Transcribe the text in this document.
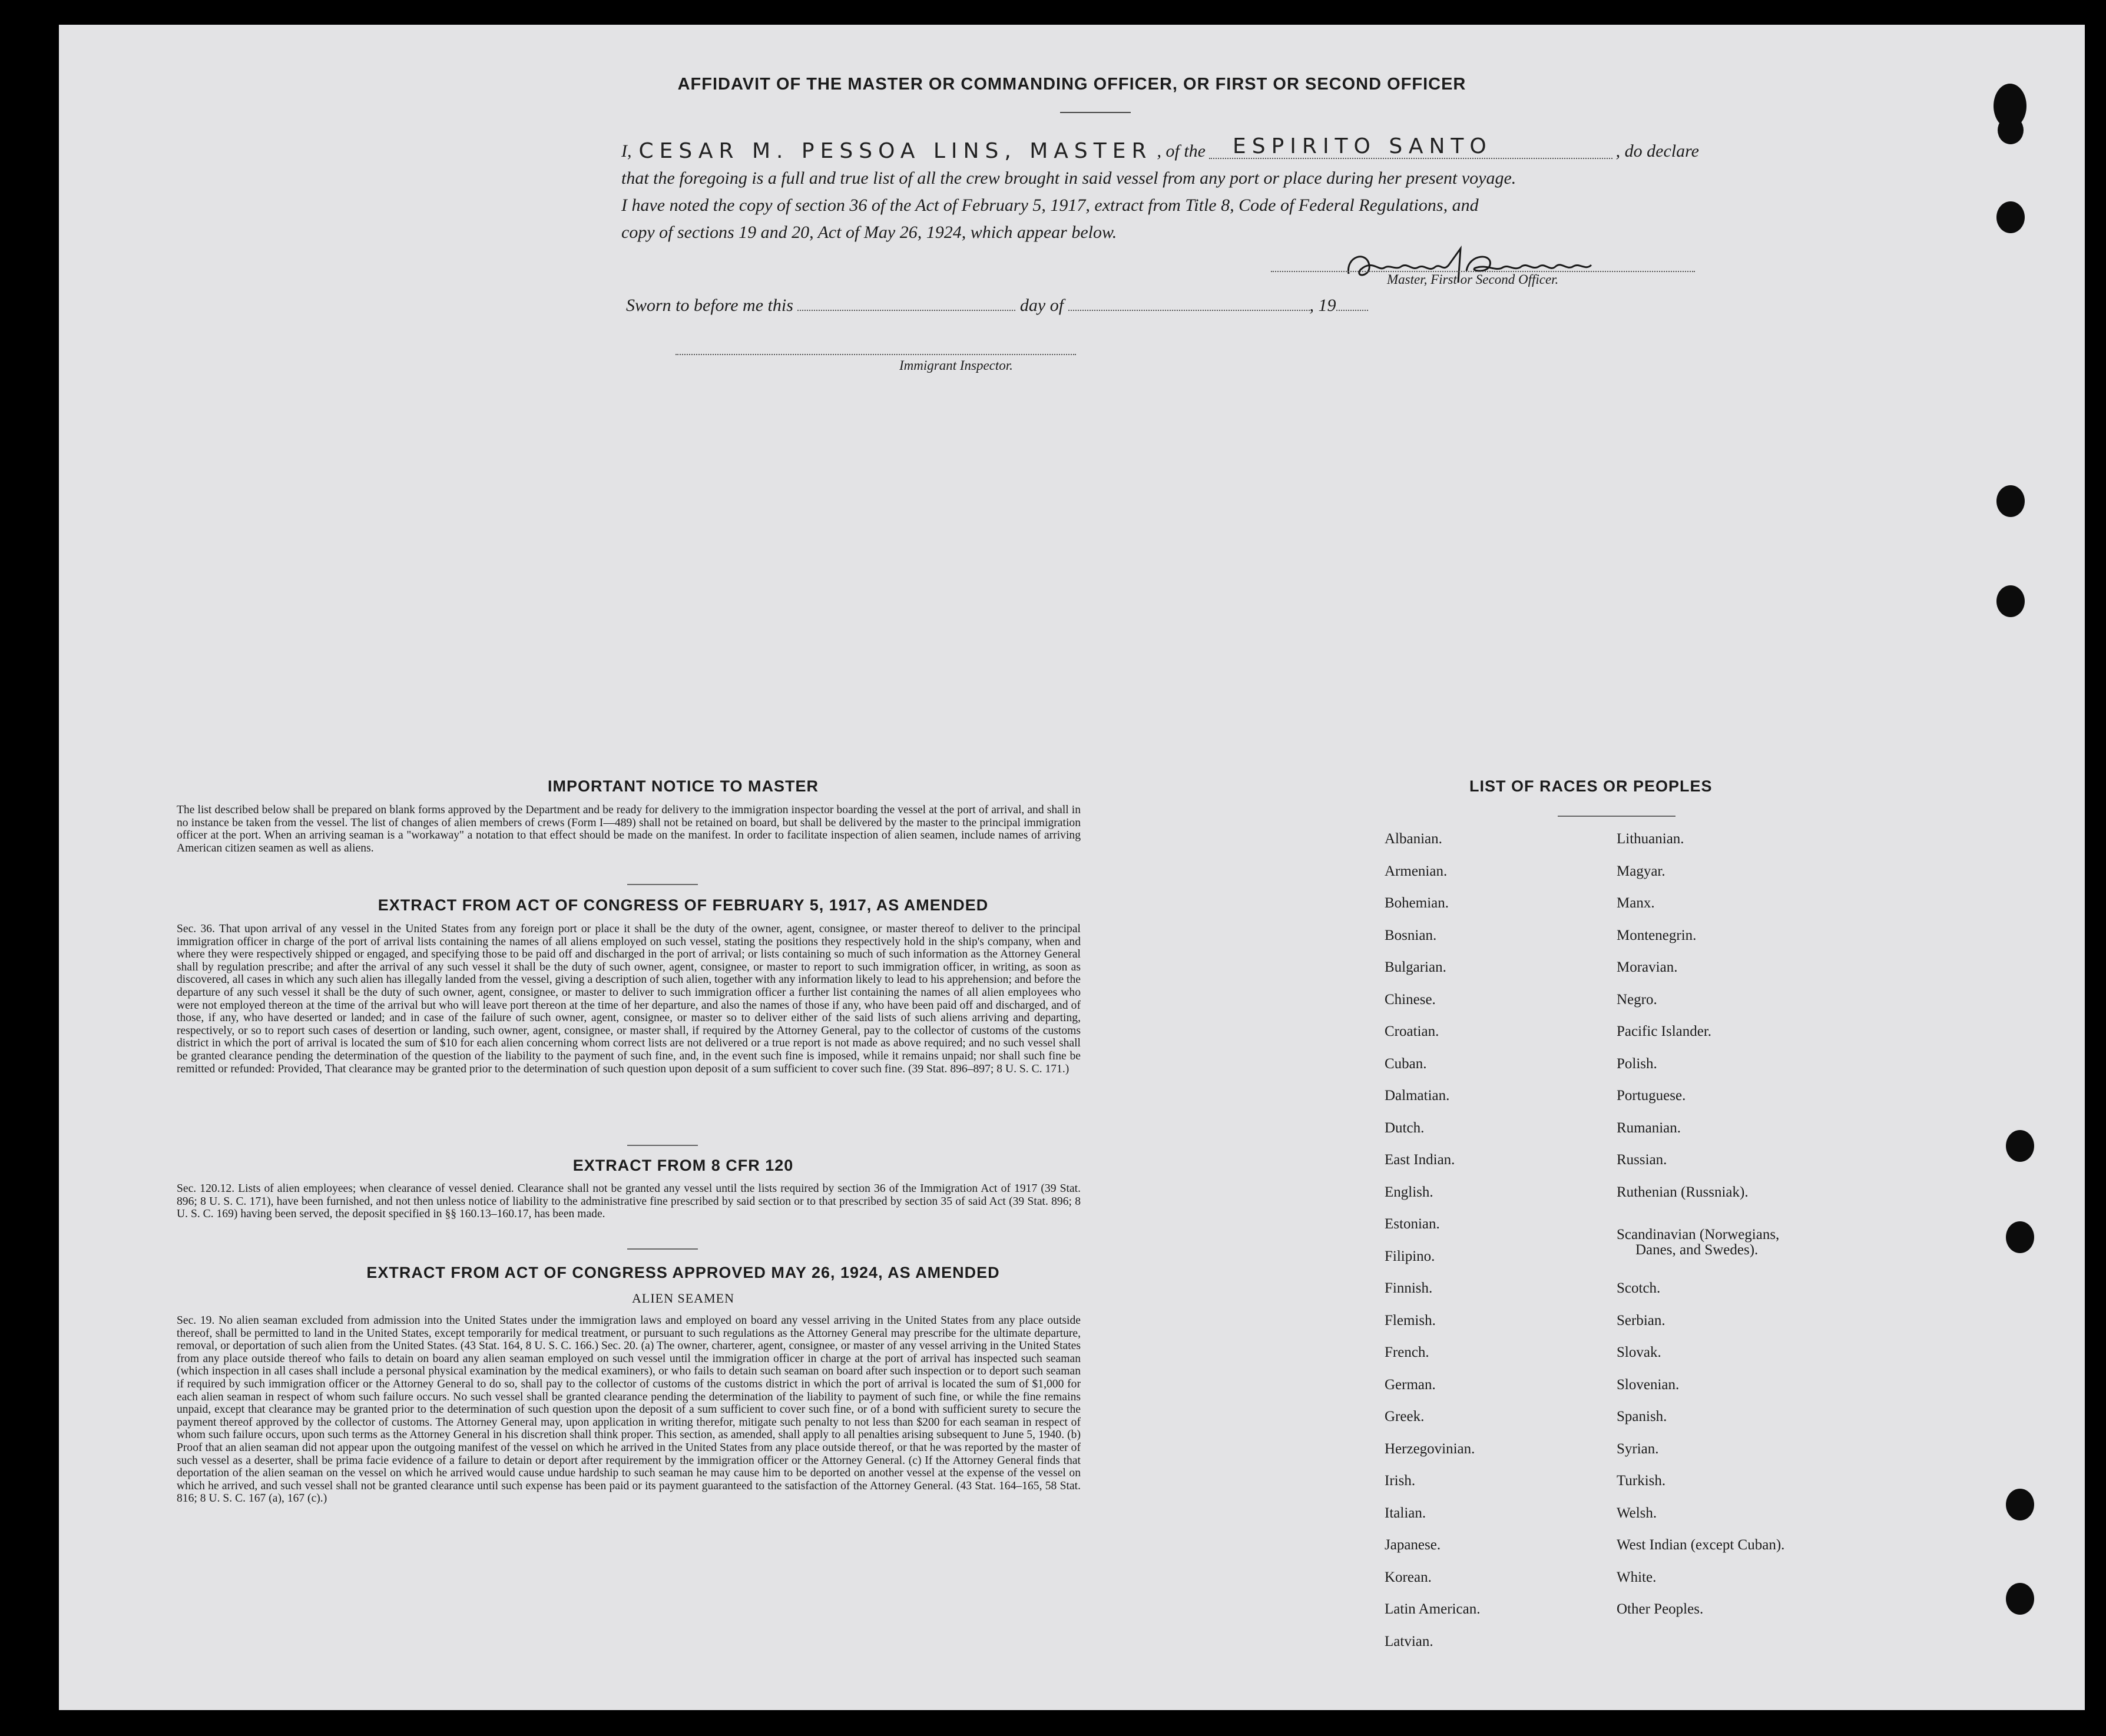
AFFIDAVIT OF THE MASTER OR COMMANDING OFFICER, OR FIRST OR SECOND OFFICER
I, CESAR M. PESSOA LINS, MASTER , of the ESPIRITO SANTO	, do declare
that the foregoing is a full and true list of all the crew brought in said vessel from any port or place during her present voyage.
I have noted the copy of section 36 of the Act of February 5, 1917, extract from Title 8, Code of Federal Regulations, and
copy of sections 19 and 20, Act of May 26, 1924, which appear below.
Master, First or Second Officer.
Sworn to before me this	day of	, 19
Immigrant Inspector.
IMPORTANT NOTICE TO MASTER
The list described below shall be prepared on blank forms approved by the Department and be ready for delivery to the immigration inspector boarding the vessel at the port of arrival, and shall in no instance be taken from the vessel. The list of changes of alien members of crews (Form I—489) shall not be retained on board, but shall be delivered by the master to the principal immigration officer at the port. When an arriving seaman is a "workaway" a notation to that effect should be made on the manifest. In order to facilitate inspection of alien seamen, include names of arriving American citizen seamen as well as aliens.
EXTRACT FROM ACT OF CONGRESS OF FEBRUARY 5, 1917, AS AMENDED
Sec. 36. That upon arrival of any vessel in the United States from any foreign port or place it shall be the duty of the owner, agent, consignee, or master thereof to deliver to the principal immigration officer in charge of the port of arrival lists containing the names of all aliens employed on such vessel, stating the positions they respectively hold in the ship's company, when and where they were respectively shipped or engaged, and specifying those to be paid off and discharged in the port of arrival; or lists containing so much of such information as the Attorney General shall by regulation prescribe; and after the arrival of any such vessel it shall be the duty of such owner, agent, consignee, or master to report to such immigration officer, in writing, as soon as discovered, all cases in which any such alien has illegally landed from the vessel, giving a description of such alien, together with any information likely to lead to his apprehension; and before the departure of any such vessel it shall be the duty of such owner, agent, consignee, or master to deliver to such immigration officer a further list containing the names of all alien employees who were not employed thereon at the time of the arrival but who will leave port thereon at the time of her departure, and also the names of those if any, who have been paid off and discharged, and of those, if any, who have deserted or landed; and in case of the failure of such owner, agent, consignee, or master so to deliver either of the said lists of such aliens arriving and departing, respectively, or so to report such cases of desertion or landing, such owner, agent, consignee, or master shall, if required by the Attorney General, pay to the collector of customs of the customs district in which the port of arrival is located the sum of $10 for each alien concerning whom correct lists are not delivered or a true report is not made as above required; and no such vessel shall be granted clearance pending the determination of the question of the liability to the payment of such fine, and, in the event such fine is imposed, while it remains unpaid; nor shall such fine be remitted or refunded: Provided, That clearance may be granted prior to the determination of such question upon deposit of a sum sufficient to cover such fine. (39 Stat. 896–897; 8 U. S. C. 171.)
EXTRACT FROM 8 CFR 120
Sec. 120.12. Lists of alien employees; when clearance of vessel denied. Clearance shall not be granted any vessel until the lists required by section 36 of the Immigration Act of 1917 (39 Stat. 896; 8 U. S. C. 171), have been furnished, and not then unless notice of liability to the administrative fine prescribed by said section or to that prescribed by section 35 of said Act (39 Stat. 896; 8 U. S. C. 169) having been served, the deposit specified in §§ 160.13–160.17, has been made.
EXTRACT FROM ACT OF CONGRESS APPROVED MAY 26, 1924, AS AMENDED
ALIEN SEAMEN
Sec. 19. No alien seaman excluded from admission into the United States under the immigration laws and employed on board any vessel arriving in the United States from any place outside thereof, shall be permitted to land in the United States, except temporarily for medical treatment, or pursuant to such regulations as the Attorney General may prescribe for the ultimate departure, removal, or deportation of such alien from the United States. (43 Stat. 164, 8 U. S. C. 166.) Sec. 20. (a) The owner, charterer, agent, consignee, or master of any vessel arriving in the United States from any place outside thereof who fails to detain on board any alien seaman employed on such vessel until the immigration officer in charge at the port of arrival has inspected such seaman (which inspection in all cases shall include a personal physical examination by the medical examiners), or who fails to detain such seaman on board after such inspection or to deport such seaman if required by such immigration officer or the Attorney General to do so, shall pay to the collector of customs of the customs district in which the port of arrival is located the sum of $1,000 for each alien seaman in respect of whom such failure occurs. No such vessel shall be granted clearance pending the determination of the liability to payment of such fine, or while the fine remains unpaid, except that clearance may be granted prior to the determination of such question upon the deposit of a sum sufficient to cover such fine, or of a bond with sufficient surety to secure the payment thereof approved by the collector of customs. The Attorney General may, upon application in writing therefor, mitigate such penalty to not less than $200 for each seaman in respect of whom such failure occurs, upon such terms as the Attorney General in his discretion shall think proper. This section, as amended, shall apply to all penalties arising subsequent to June 5, 1940. (b) Proof that an alien seaman did not appear upon the outgoing manifest of the vessel on which he arrived in the United States from any place outside thereof, or that he was reported by the master of such vessel as a deserter, shall be prima facie evidence of a failure to detain or deport after requirement by the immigration officer or the Attorney General. (c) If the Attorney General finds that deportation of the alien seaman on the vessel on which he arrived would cause undue hardship to such seaman he may cause him to be deported on another vessel at the expense of the vessel on which he arrived, and such vessel shall not be granted clearance until such expense has been paid or its payment guaranteed to the satisfaction of the Attorney General. (43 Stat. 164–165, 58 Stat. 816; 8 U. S. C. 167 (a), 167 (c).)
LIST OF RACES OR PEOPLES
Albanian.
Armenian.
Bohemian.
Bosnian.
Bulgarian.
Chinese.
Croatian.
Cuban.
Dalmatian.
Dutch.
East Indian.
English.
Estonian.
Filipino.
Finnish.
Flemish.
French.
German.
Greek.
Herzegovinian.
Irish.
Italian.
Japanese.
Korean.
Latin American.
Latvian.
Lithuanian.
Magyar.
Manx.
Montenegrin.
Moravian.
Negro.
Pacific Islander.
Polish.
Portuguese.
Rumanian.
Russian.
Ruthenian (Russniak).
Scandinavian (Norwegians,
Danes, and Swedes).
Scotch.
Serbian.
Slovak.
Slovenian.
Spanish.
Syrian.
Turkish.
Welsh.
West Indian (except Cuban).
White.
Other Peoples.
